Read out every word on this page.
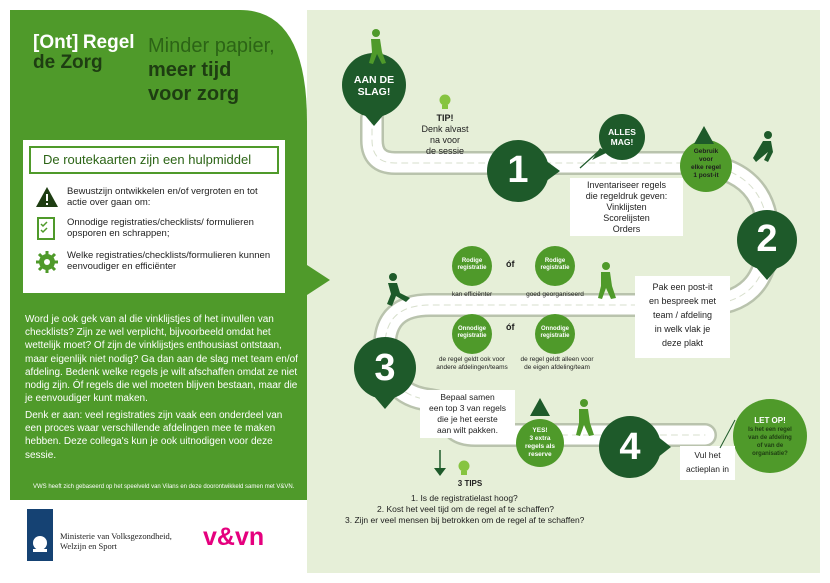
[Ont] Regel
de Zorg
Minder papier,
meer tijd
voor zorg
De routekaarten zijn een hulpmiddel
Bewustzijn ontwikkelen en/of vergroten en tot actie over gaan om:
Onnodige registraties/checklists/ formulieren opsporen en schrappen;
Welke registraties/checklists/formulieren kunnen eenvoudiger en efficiënter
Word je ook gek van al die vinklijstjes of het invullen van checklists? Zijn ze wel verplicht, bijvoorbeeld omdat het wettelijk moet? Of zijn de vinklijstjes enthousiast ontstaan, maar eigenlijk niet nodig? Ga dan aan de slag met team en/of afdeling. Bedenk welke regels je wilt afschaffen omdat ze niet nodig zijn. Óf regels die wel moeten blijven bestaan, maar die je eenvoudiger kunt maken.
Denk er aan: veel registraties zijn vaak een onderdeel van een proces waar verschillende afdelingen mee te maken hebben. Deze collega's kun je ook uitnodigen voor deze sessie.
VWS heeft zich gebaseerd op het speelveld van Vilans en deze doorontwikkeld samen met V&VN.
Ministerie van Volksgezondheid,
Welzijn en Sport	v&vn
AAN DE
SLAG!
TIP!
Denk alvast
na voor
de sessie
ALLES
MAG!
Gebruik
voor
elke regel
1 post-it
1	Inventariseer regels
die regeldruk geven:
Vinklijsten
Scorelijsten
Orders	2
Pak een post-it
en bespreek met
team / afdeling
in welk vlak je
deze plakt
Rodige
registratie
Rodige
registratie
Onnodige
registratie
Onnodige
registratie
óf
óf
kan efficiënter	goed georganiseerd
de regel geldt ook voor
andere afdelingen/teams
de regel geldt alleen voor
de eigen afdeling/team
3
Bepaal samen
een top 3 van regels
die je het eerste
aan wilt pakken.	YES!
3 extra
regels als
reserve	4	Vul het
actieplan in
LET OP!
Is het een regel
van de afdeling
of van de
organisatie?
3 TIPS
1. Is de registratielast hoog?
2. Kost het veel tijd om de regel af te schaffen?
3. Zijn er veel mensen bij betrokken om de regel af te schaffen?
